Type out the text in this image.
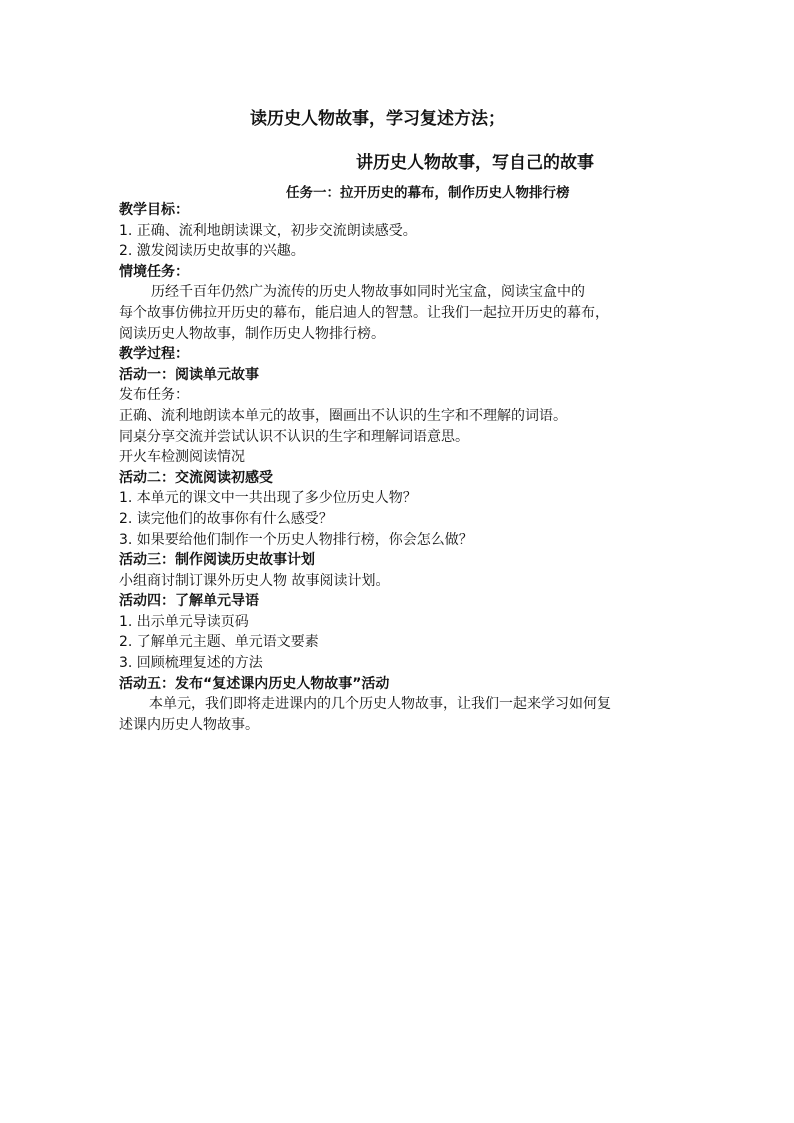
读历史人物故事，学习复述方法；
讲历史人物故事，写自己的故事
任务一：拉开历史的幕布，制作历史人物排行榜
教学目标：
1. 正确、流利地朗读课文，初步交流朗读感受。
2. 激发阅读历史故事的兴趣。
情境任务：
历经千百年仍然广为流传的历史人物故事如同时光宝盒，阅读宝盒中的
每个故事仿佛拉开历史的幕布，能启迪人的智慧。让我们一起拉开历史的幕布，
阅读历史人物故事，制作历史人物排行榜。
教学过程：
活动一：阅读单元故事
发布任务：
正确、流利地朗读本单元的故事，圈画出不认识的生字和不理解的词语。
同桌分享交流并尝试认识不认识的生字和理解词语意思。
开火车检测阅读情况
活动二：交流阅读初感受
1. 本单元的课文中一共出现了多少位历史人物？
2. 读完他们的故事你有什么感受？
3. 如果要给他们制作一个历史人物排行榜，你会怎么做？
活动三：制作阅读历史故事计划
小组商讨制订课外历史人物 故事阅读计划。
活动四：了解单元导语
1. 出示单元导读页码
2. 了解单元主题、单元语文要素
3. 回顾梳理复述的方法
活动五：发布“复述课内历史人物故事”活动
本单元，我们即将走进课内的几个历史人物故事，让我们一起来学习如何复
述课内历史人物故事。
